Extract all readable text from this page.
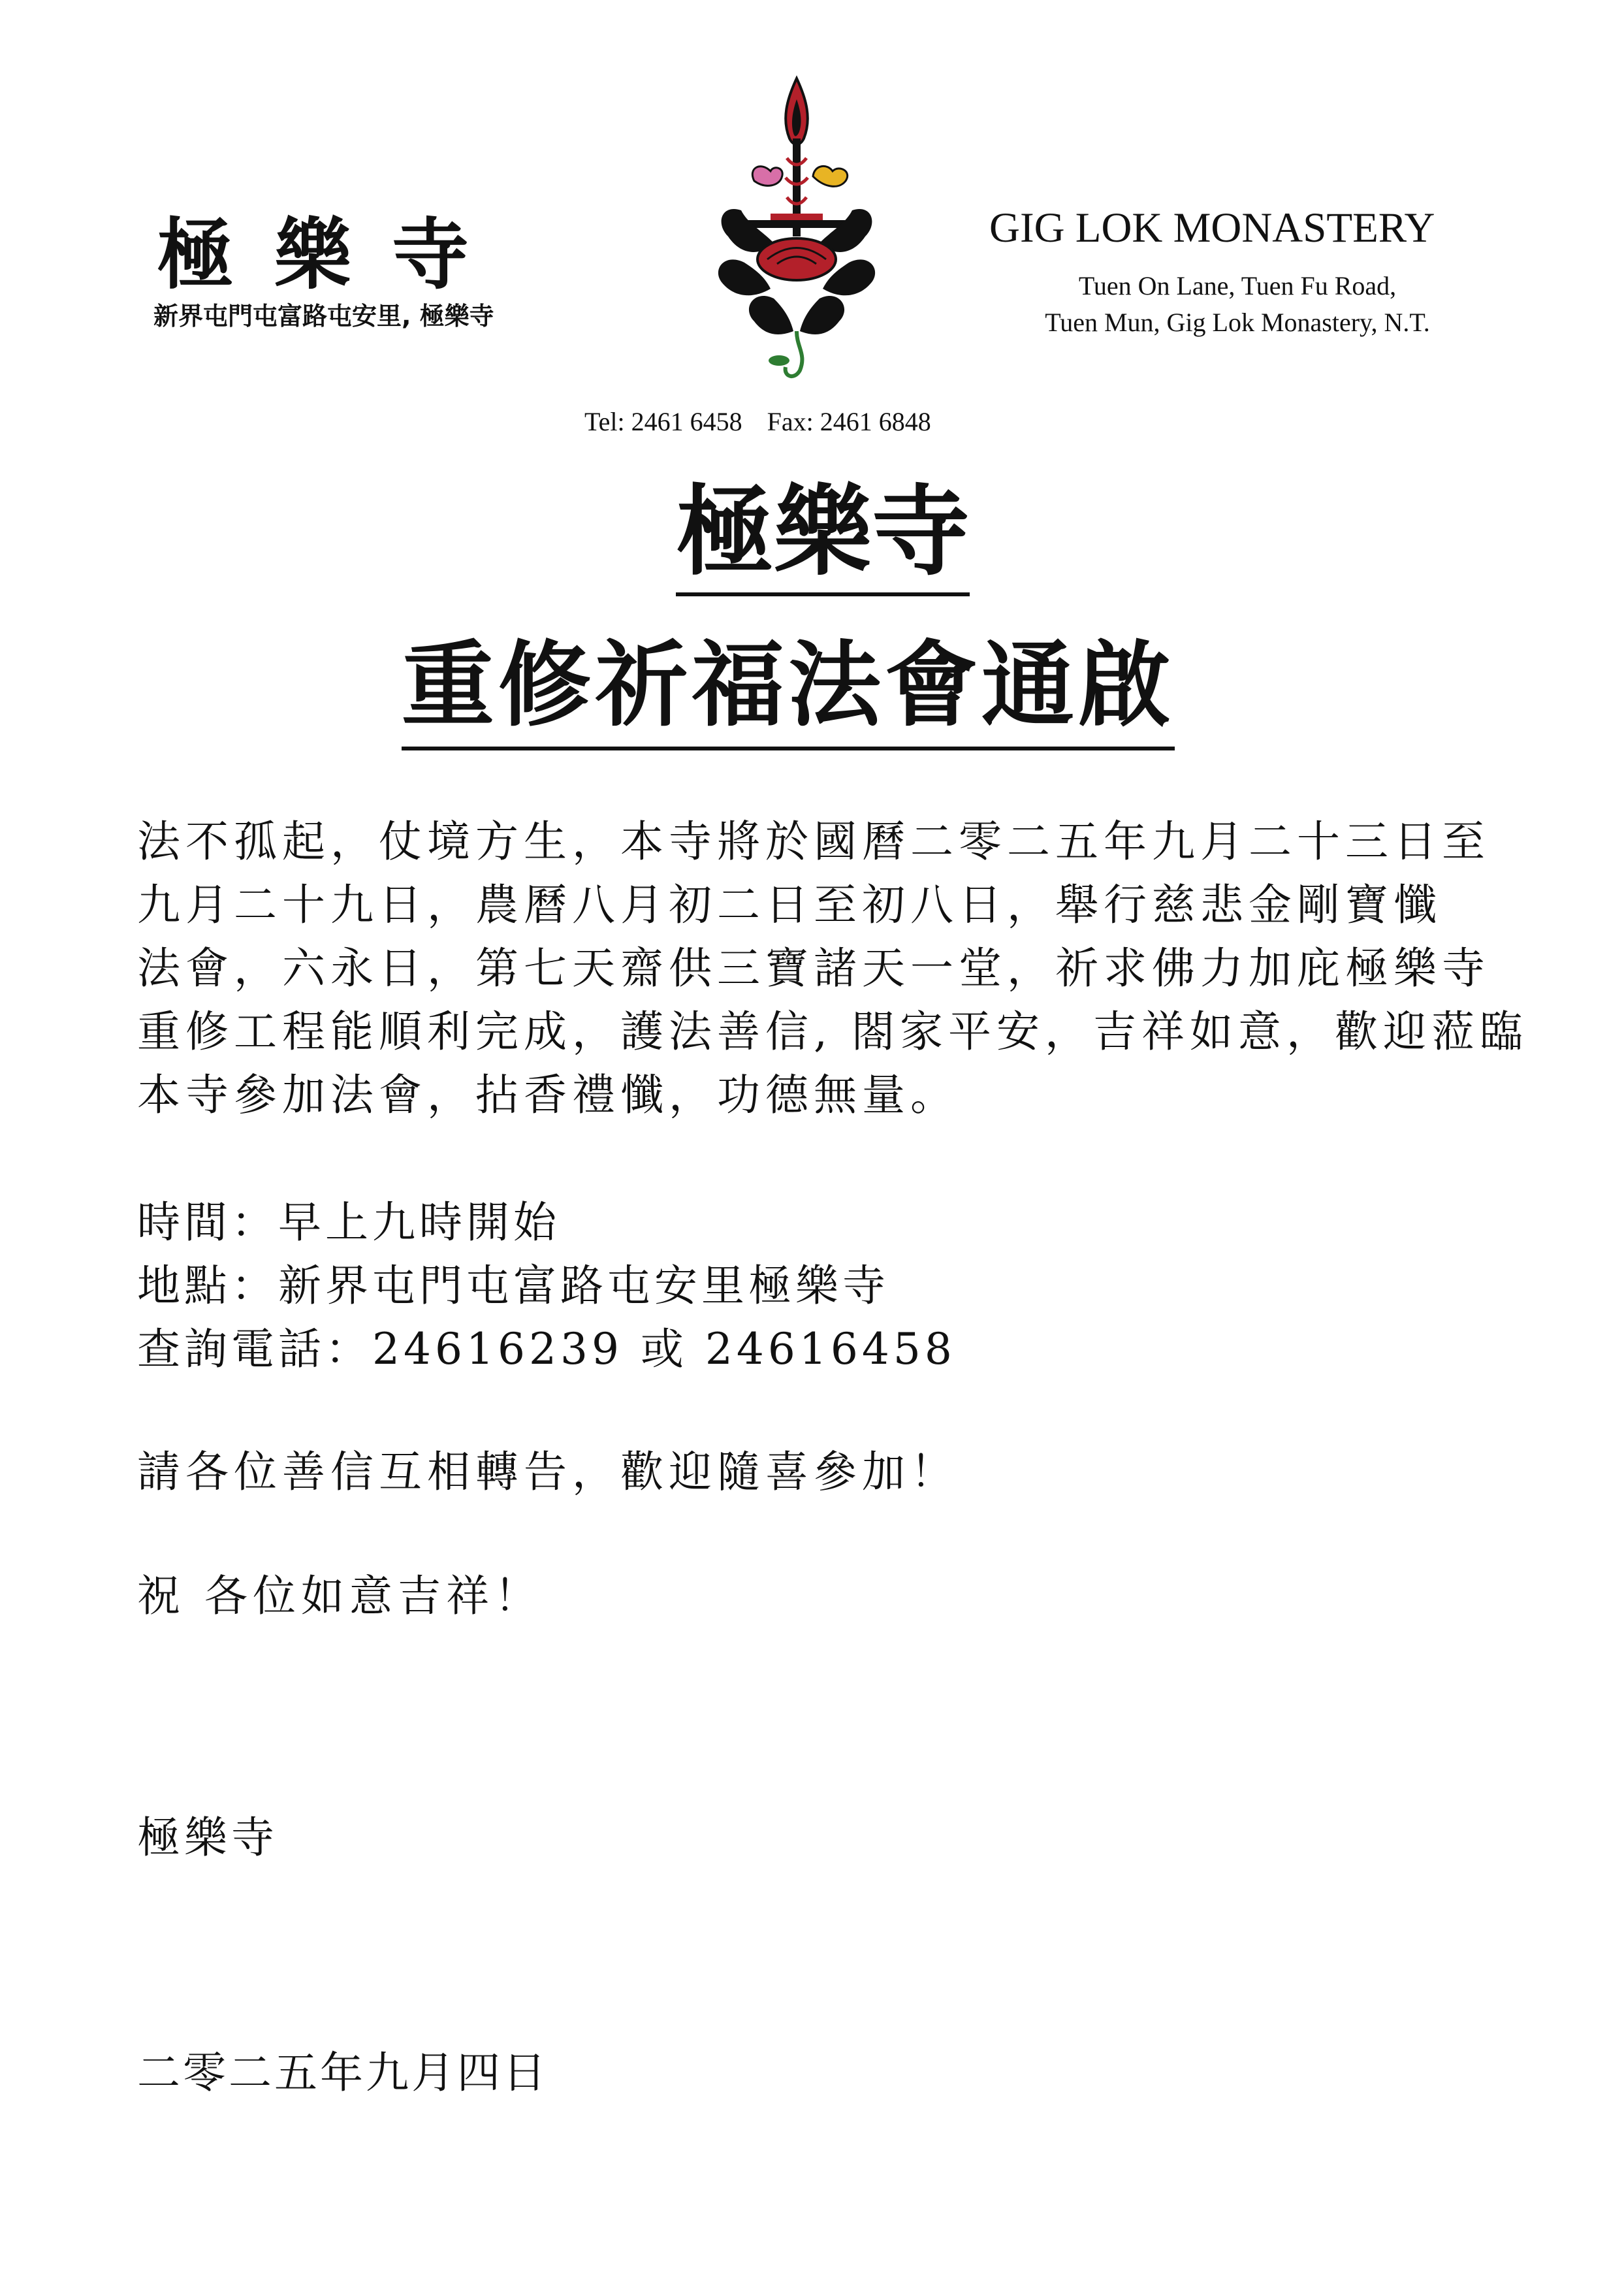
極樂寺
新界屯門屯富路屯安里, 極樂寺
GIG LOK MONASTERY
Tuen On Lane, Tuen Fu Road,
Tuen Mun, Gig Lok Monastery, N.T.
Tel: 2461 6458 Fax: 2461 6848
極樂寺
重修祈福法會通啟
法不孤起，仗境方生，本寺將於國曆二零二五年九月二十三日至
九月二十九日，農曆八月初二日至初八日，舉行慈悲金剛寶懺
法會，六永日，第七天齋供三寶諸天一堂，祈求佛力加庇極樂寺
重修工程能順利完成，護法善信, 閤家平安，吉祥如意，歡迎蒞臨
本寺參加法會，拈香禮懺，功德無量。
時間：早上九時開始
地點：新界屯門屯富路屯安里極樂寺
查詢電話：24616239 或 24616458
請各位善信互相轉告，歡迎隨喜參加！
祝 各位如意吉祥！
極樂寺
二零二五年九月四日
